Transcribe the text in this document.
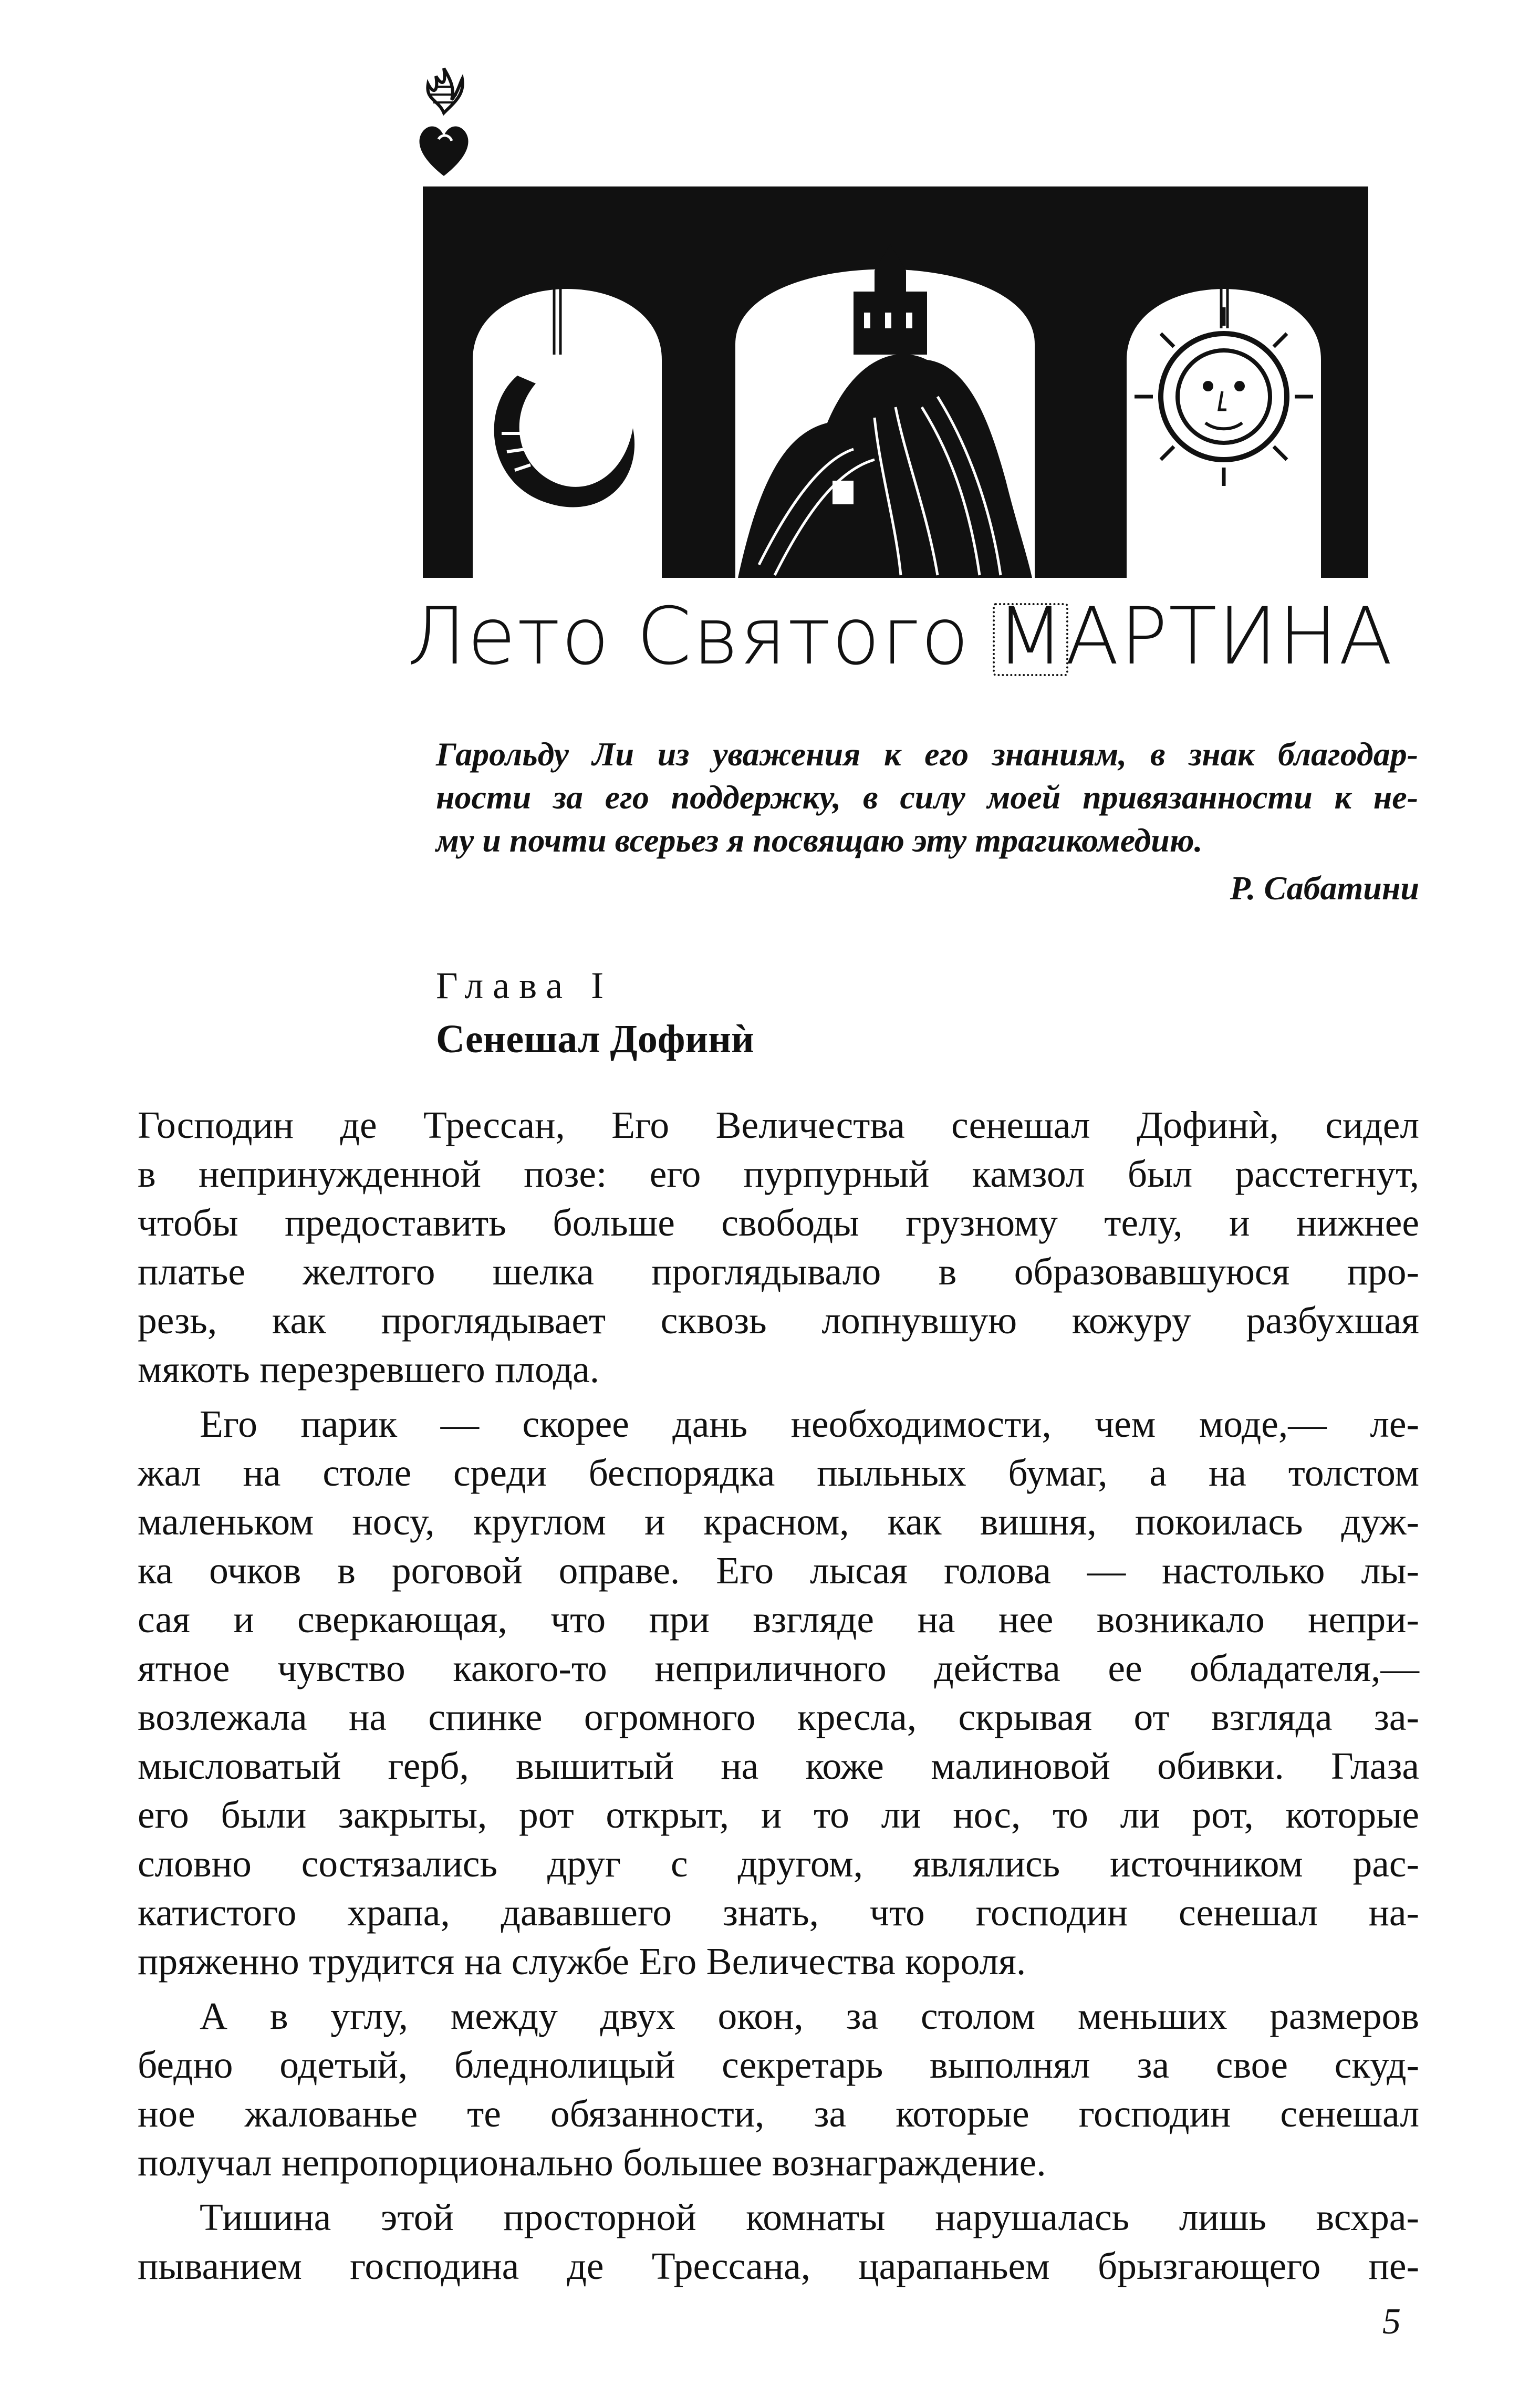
Лето Святого МАРТИНА
Гарольду Ли из уважения к его знаниям, в знак благодар-
ности за его поддержку, в силу моей привязанности к не-
му и почти всерьез я посвящаю эту трагикомедию.
Р. Сабатини
Глава I
Сенешал Дофинѝ

Господин де Трессан, Его Величества сенешал Дофинѝ, сидел
в непринужденной позе: его пурпурный камзол был расстегнут,
чтобы предоставить больше свободы грузному телу, и нижнее
платье желтого шелка проглядывало в образовавшуюся про-
резь, как проглядывает сквозь лопнувшую кожуру разбухшая
мякоть перезревшего плода.

Его парик — скорее дань необходимости, чем моде,— ле-
жал на столе среди беспорядка пыльных бумаг, а на толстом
маленьком носу, круглом и красном, как вишня, покоилась дуж-
ка очков в роговой оправе. Его лысая голова — настолько лы-
сая и сверкающая, что при взгляде на нее возникало непри-
ятное чувство какого-то неприличного действа ее обладателя,—
возлежала на спинке огромного кресла, скрывая от взгляда за-
мысловатый герб, вышитый на коже малиновой обивки. Глаза
его были закрыты, рот открыт, и то ли нос, то ли рот, которые
словно состязались друг с другом, являлись источником рас-
катистого храпа, дававшего знать, что господин сенешал на-
пряженно трудится на службе Его Величества короля.

А в углу, между двух окон, за столом меньших размеров
бедно одетый, бледнолицый секретарь выполнял за свое скуд-
ное жалованье те обязанности, за которые господин сенешал
получал непропорционально большее вознаграждение.

Тишина этой просторной комнаты нарушалась лишь всхра-
пыванием господина де Трессана, царапаньем брызгающего пе-

5
